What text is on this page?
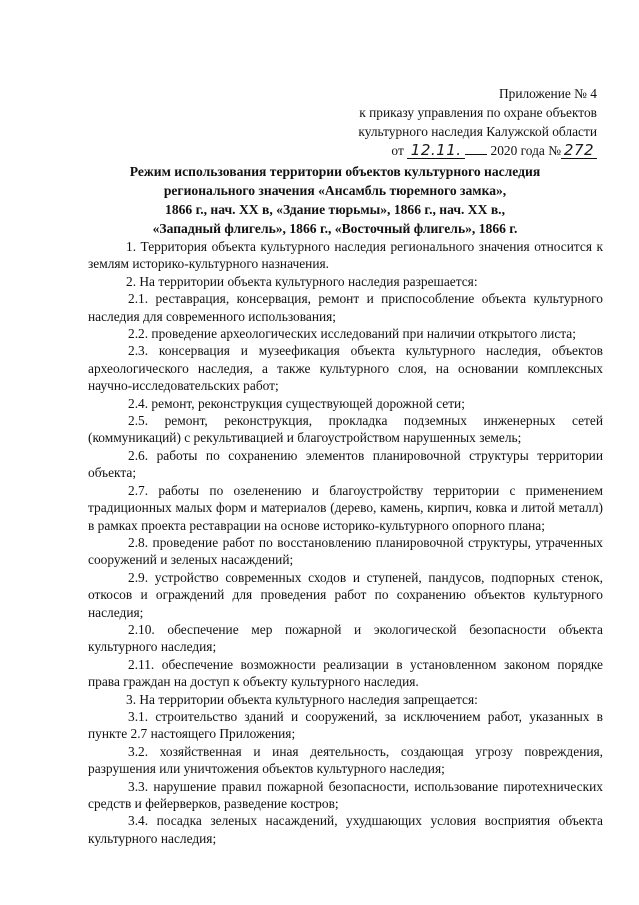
Приложение № 4
к приказу управления по охране объектов
культурного наследия Калужской области
от 12.11. 2020 года № 272
Режим использования территории объектов культурного наследия
регионального значения «Ансамбль тюремного замка»,
1866 г., нач. XX в, «Здание тюрьмы», 1866 г., нач. XX в.,
«Западный флигель», 1866 г., «Восточный флигель», 1866 г.

1. Территория объекта культурного наследия регионального значения относится к землям историко-культурного назначения.

2. На территории объекта культурного наследия разрешается:

2.1. реставрация, консервация, ремонт и приспособление объекта культурного наследия для современного использования;

2.2. проведение археологических исследований при наличии открытого листа;

2.3. консервация и музеефикация объекта культурного наследия, объектов археологического наследия, а также культурного слоя, на основании комплексных научно-исследовательских работ;

2.4. ремонт, реконструкция существующей дорожной сети;

2.5. ремонт, реконструкция, прокладка подземных инженерных сетей (коммуникаций) с рекультивацией и благоустройством нарушенных земель;

2.6. работы по сохранению элементов планировочной структуры территории объекта;

2.7. работы по озеленению и благоустройству территории с применением традиционных малых форм и материалов (дерево, камень, кирпич, ковка и литой металл) в рамках проекта реставрации на основе историко-культурного опорного плана;

2.8. проведение работ по восстановлению планировочной структуры, утраченных сооружений и зеленых насаждений;

2.9. устройство современных сходов и ступеней, пандусов, подпорных стенок, откосов и ограждений для проведения работ по сохранению объектов культурного наследия;

2.10. обеспечение мер пожарной и экологической безопасности объекта культурного наследия;

2.11. обеспечение возможности реализации в установленном законом порядке права граждан на доступ к объекту культурного наследия.

3. На территории объекта культурного наследия запрещается:

3.1. строительство зданий и сооружений, за исключением работ, указанных в пункте 2.7 настоящего Приложения;

3.2. хозяйственная и иная деятельность, создающая угрозу повреждения, разрушения или уничтожения объектов культурного наследия;

3.3. нарушение правил пожарной безопасности, использование пиротехнических средств и фейерверков, разведение костров;

3.4. посадка зеленых насаждений, ухудшающих условия восприятия объекта культурного наследия;
